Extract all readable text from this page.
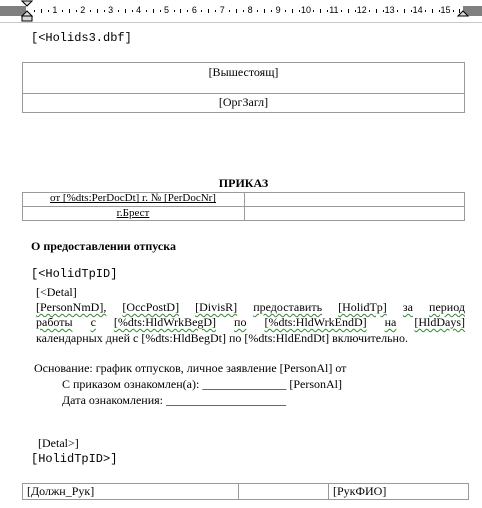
1	2	3	4	5	6	7	8	9 10 11 12 13 14 15
[<Holids3.dbf]
[Вышестоящ]
[ОргЗагл]
ПРИКАЗ
от [%dts:PerDocDt] г. № [PerDocNr]
г.Брест
О предоставлении отпуска
[<HolidTpID]
[<Detal]
[PersonNmD], [OccPostD] [DivisR] предоставить [HolidTp] за период
работы с [%dts:HldWrkBegD] по [%dts:HldWrkEndD] на [HldDays]
календарных дней с [%dts:HldBegDt] по [%dts:HldEndDt] включительно.
Основание: график отпусков, личное заявление [PersonAl] от
С приказом ознакомлен(а): ______________ [PersonAl]
Дата ознакомления: ____________________
[Detal>]
[HolidTpID>]
[Должн_Рук]	[РукФИО]
